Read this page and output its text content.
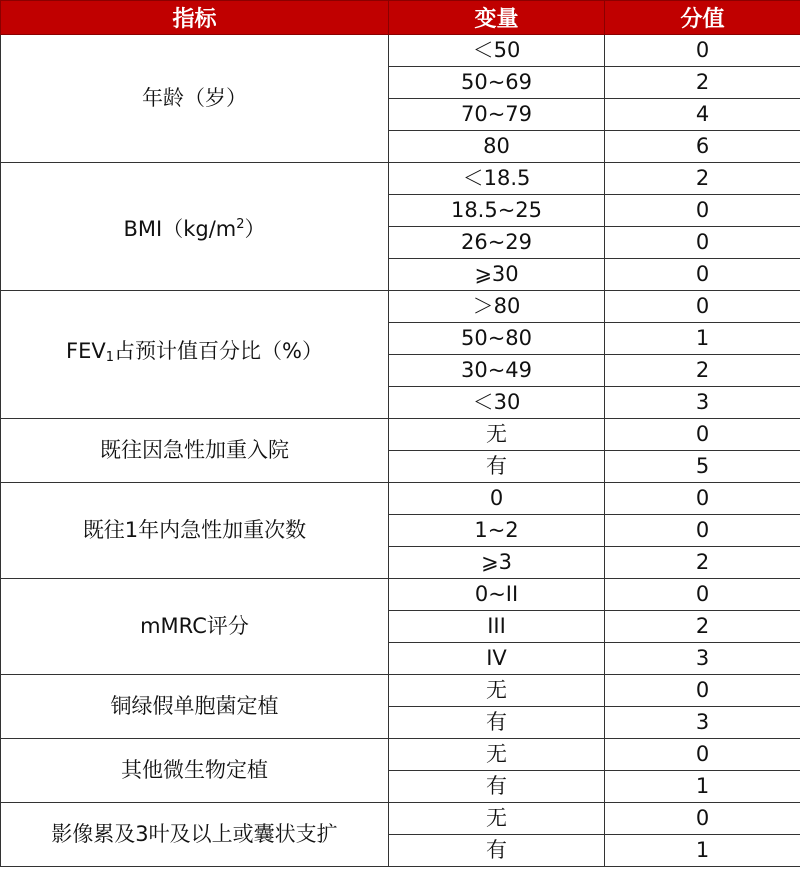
指标	变量	分值
年龄（岁）	＜50	0
	50~69	2
	70~79	4
	80	6
$BMI(kg/m^2)$	＜18.5	2
	18.5~25	0
	26~29	0
	⩾30	0
$FEV_1$占预计值百分比（%）	＞80	0
	50~80	1
	30~49	2
	＜30	3
既往因急性加重入院	无	0
	有	5
既往1年内急性加重次数	0	0
	1~2	0
	⩾3	2
mMRC评分	0~II	0
	III	2
	IV	3
铜绿假单胞菌定植	无	0
	有	3
其他微生物定植	无	0
	有	1
影像累及3叶及以上或囊状支扩	无	0
	有	1
